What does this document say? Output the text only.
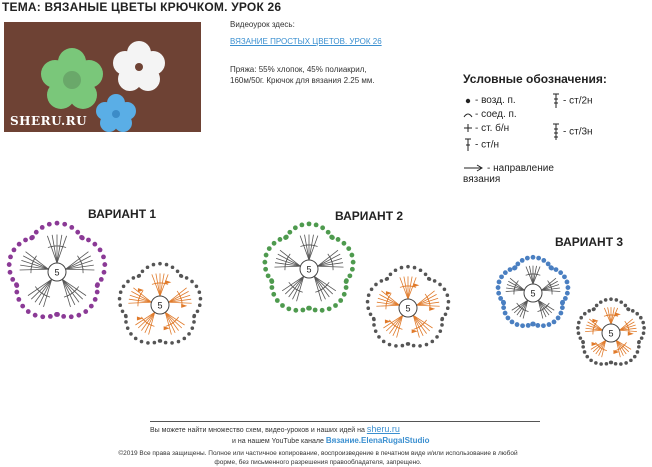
ТЕМА: ВЯЗАНЫЕ ЦВЕТЫ КРЮЧКОМ. УРОК 26
SHERU.RU
Видеоурок здесь:
ВЯЗАНИЕ ПРОСТЫХ ЦВЕТОВ. УРОК 26
Пряжа: 55% хлопок, 45% полиакрил, 160м/50г. Крючок для вязания 2.25 мм.	Условные обозначения:
- возд. п.
- соед. п.
- ст. б/н
- ст/н
- ст/2н
- ст/3н
- направление вязания
ВАРИАНТ 1	ВАРИАНТ 2
ВАРИАНТ 3
5
5
5
5
5
5
Вы можете найти множество схем, видео-уроков и наших идей на sheru.ru
и на нашем YouTube канале Вязание.ElenaRugalStudio
©2019 Все права защищены. Полное или частичное копирование, воспроизведение в печатном виде и/или использование в любой форме, без письменного разрешения правообладателя, запрещено.
